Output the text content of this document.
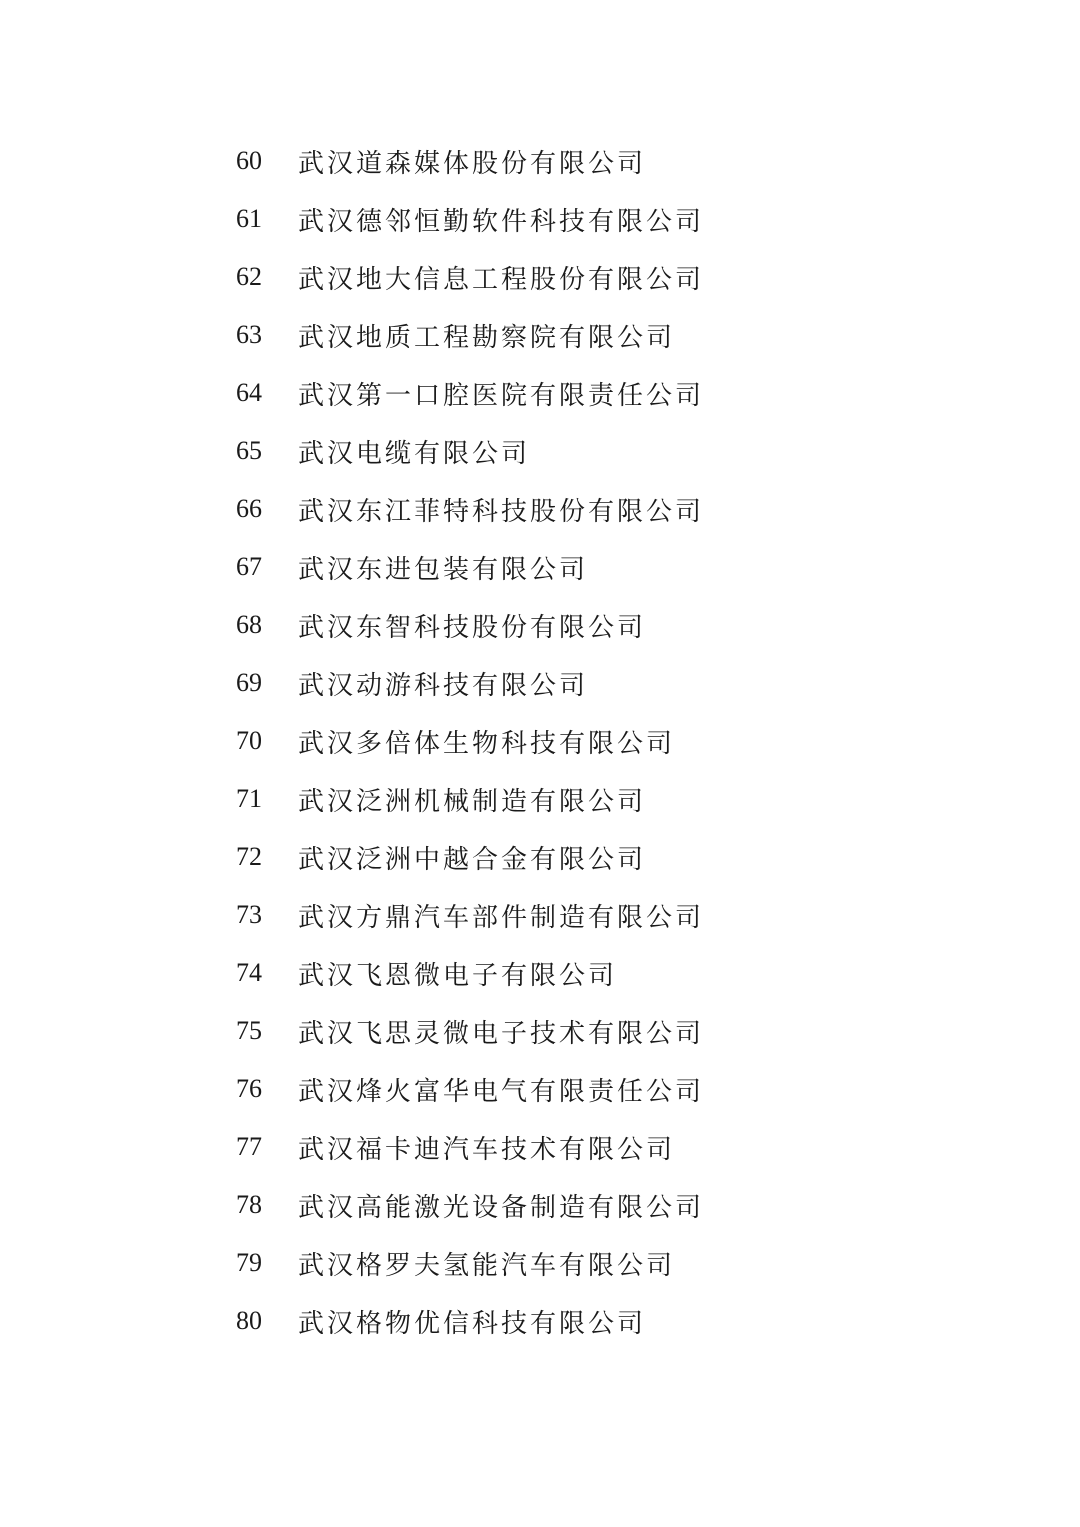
60	武汉道森媒体股份有限公司
61	武汉德邻恒勤软件科技有限公司
62	武汉地大信息工程股份有限公司
63	武汉地质工程勘察院有限公司
64	武汉第一口腔医院有限责任公司
65	武汉电缆有限公司
66	武汉东江菲特科技股份有限公司
67	武汉东进包装有限公司
68	武汉东智科技股份有限公司
69	武汉动游科技有限公司
70	武汉多倍体生物科技有限公司
71	武汉泛洲机械制造有限公司
72	武汉泛洲中越合金有限公司
73	武汉方鼎汽车部件制造有限公司
74	武汉飞恩微电子有限公司
75	武汉飞思灵微电子技术有限公司
76	武汉烽火富华电气有限责任公司
77	武汉福卡迪汽车技术有限公司
78	武汉高能激光设备制造有限公司
79	武汉格罗夫氢能汽车有限公司
80	武汉格物优信科技有限公司
